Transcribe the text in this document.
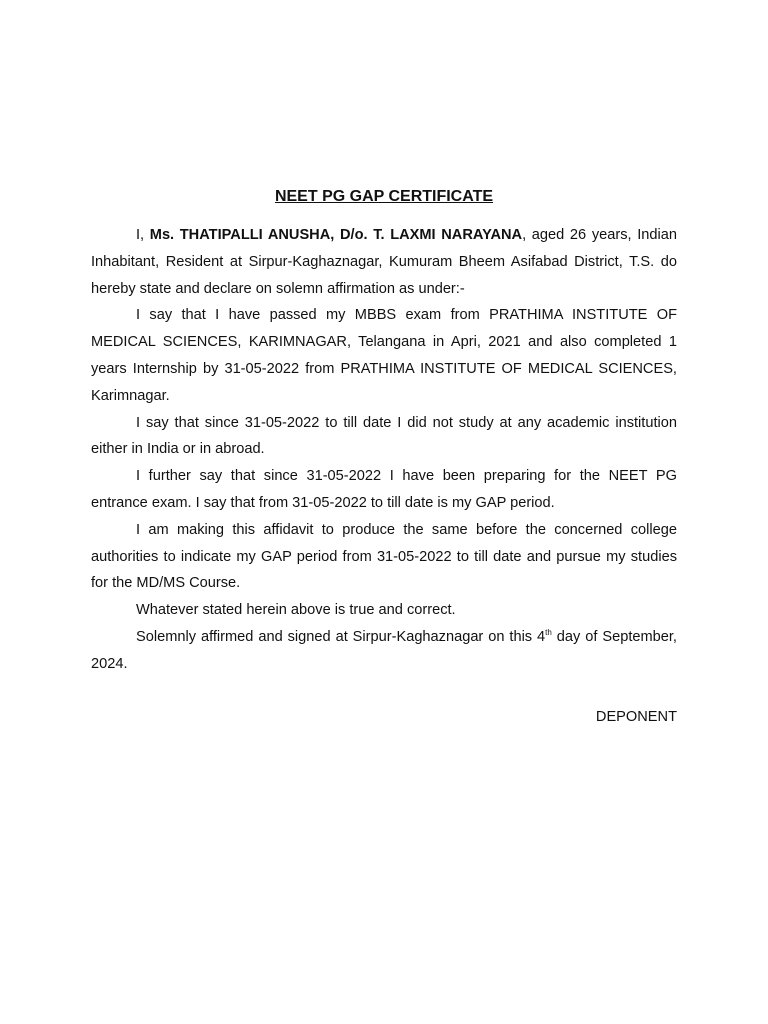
NEET PG GAP CERTIFICATE

I, Ms. THATIPALLI ANUSHA, D/o. T. LAXMI NARAYANA, aged 26 years, Indian Inhabitant, Resident at Sirpur-Kaghaznagar, Kumuram Bheem Asifabad District, T.S. do hereby state and declare on solemn affirmation as under:-

I say that I have passed my MBBS exam from PRATHIMA INSTITUTE OF MEDICAL SCIENCES, KARIMNAGAR, Telangana in Apri, 2021 and also completed 1 years Internship by 31-05-2022 from PRATHIMA INSTITUTE OF MEDICAL SCIENCES, Karimnagar.

I say that since 31-05-2022 to till date I did not study at any academic institution either in India or in abroad.

I further say that since 31-05-2022 I have been preparing for the NEET PG entrance exam. I say that from 31-05-2022 to till date is my GAP period.

I am making this affidavit to produce the same before the concerned college authorities to indicate my GAP period from 31-05-2022 to till date and pursue my studies for the MD/MS Course.

Whatever stated herein above is true and correct.

Solemnly affirmed and signed at Sirpur-Kaghaznagar on this 4th day of September, 2024.

DEPONENT
